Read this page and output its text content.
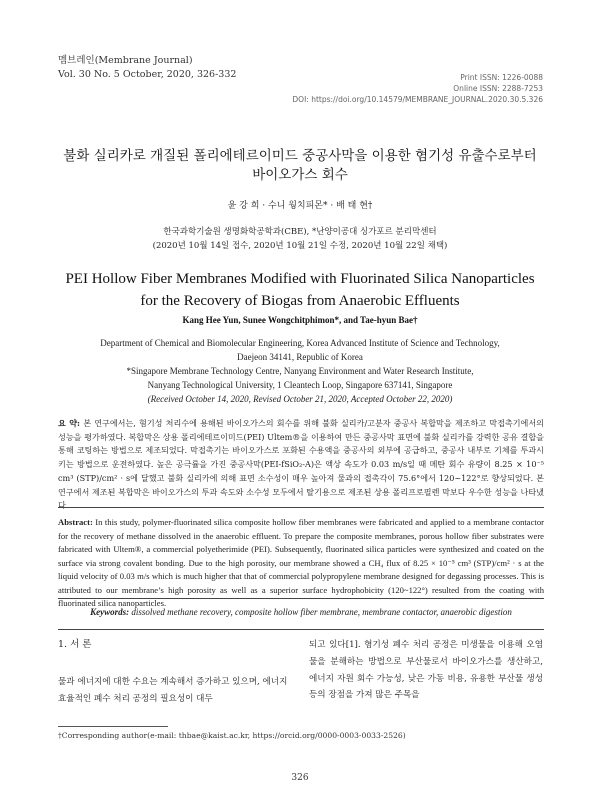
멤브레인(Membrane Journal)
Vol. 30 No. 5 October, 2020, 326-332	Print ISSN: 1226-0088
Online ISSN: 2288-7253
DOI: https://doi.org/10.14579/MEMBRANE_JOURNAL.2020.30.5.326
불화 실리카로 개질된 폴리에테르이미드 중공사막을 이용한 혐기성 유출수로부터
바이오가스 회수
윤 강 희 · 수니 웡치피몬* · 배 태 현†
한국과학기술원 생명화학공학과(CBE), *난양이공대 싱가포르 분리막센터
(2020년 10월 14일 접수, 2020년 10월 21일 수정, 2020년 10월 22일 채택)
PEI Hollow Fiber Membranes Modified with Fluorinated Silica Nanoparticles
for the Recovery of Biogas from Anaerobic Effluents
Kang Hee Yun, Sunee Wongchitphimon*, and Tae-hyun Bae†
Department of Chemical and Biomolecular Engineering, Korea Advanced Institute of Science and Technology,
Daejeon 34141, Republic of Korea
*Singapore Membrane Technology Centre, Nanyang Environment and Water Research Institute,
Nanyang Technological University, 1 Cleantech Loop, Singapore 637141, Singapore
(Received October 14, 2020, Revised October 21, 2020, Accepted October 22, 2020)
요 약: 본 연구에서는, 혐기성 처리수에 용해된 바이오가스의 회수를 위해 불화 실리카/고분자 중공사 복합막을 제조하고 막접촉기에서의 성능을 평가하였다. 복합막은 상용 폴리에테르이미드(PEI) Ultem®을 이용하여 만든 중공사막 표면에 불화 실리카를 강력한 공유 결합을 통해 코팅하는 방법으로 제조되었다. 막접촉기는 바이오가스로 포화된 수용액을 중공사의 외부에 공급하고, 중공사 내부로 기체를 투과시키는 방법으로 운전하였다. 높은 공극률을 가진 중공사막(PEI-fSiO₂-A)은 액상 속도가 0.03 m/s일 때 메탄 회수 유량이 8.25 × 10⁻⁵ cm³ (STP)/cm² · s에 달했고 불화 실리카에 의해 표면 소수성이 매우 높아져 물과의 접촉각이 75.6°에서 120~122°로 향상되었다. 본 연구에서 제조된 복합막은 바이오가스의 투과 속도와 소수성 모두에서 탈기용으로 제조된 상용 폴리프로필렌 막보다 우수한 성능을 나타냈다.
Abstract: In this study, polymer-fluorinated silica composite hollow fiber membranes were fabricated and applied to a membrane contactor for the recovery of methane dissolved in the anaerobic effluent. To prepare the composite membranes, porous hollow fiber substrates were fabricated with Ultem®, a commercial polyetherimide (PEI). Subsequently, fluorinated silica particles were synthesized and coated on the surface via strong covalent bonding. Due to the high porosity, our membrane showed a CH₄ flux of 8.25 × 10⁻⁵ cm³ (STP)/cm² · s at the liquid velocity of 0.03 m/s which is much higher that that of commercial polypropylene membrane designed for degassing processes. This is attributed to our membrane’s high porosity as well as a superior surface hydrophobicity (120~122°) resulted from the coating with fluorinated silica nanoparticles.
Keywords: dissolved methane recovery, composite hollow fiber membrane, membrane contactor, anaerobic digestion
1. 서 론
물과 에너지에 대한 수요는 계속해서 증가하고 있으며, 에너지 효율적인 폐수 처리 공정의 필요성이 대두
되고 있다[1]. 혐기성 폐수 처리 공정은 미생물을 이용해 오염물을 분해하는 방법으로 부산물로서 바이오가스를 생산하고, 에너지 자원 회수 가능성, 낮은 가동 비용, 유용한 부산물 생성 등의 장점을 가져 많은 주목을
†Corresponding author(e-mail: thbae@kaist.ac.kr, https://orcid.org/0000-0003-0033-2526)
326
